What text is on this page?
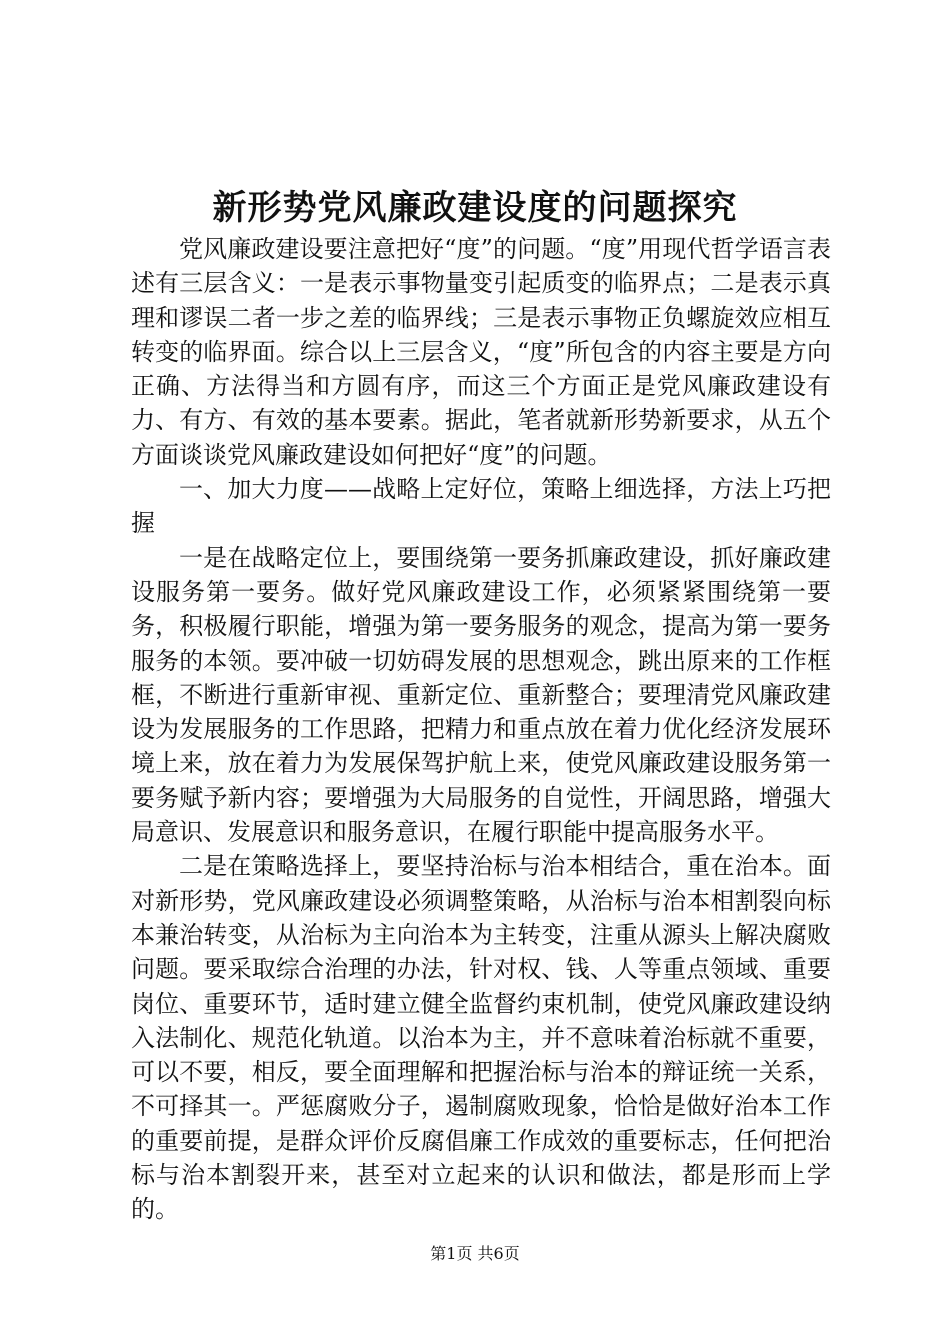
新形势党风廉政建设度的问题探究

党风廉政建设要注意把好“度”的问题。“度”用现代哲学语言表述有三层含义：一是表示事物量变引起质变的临界点；二是表示真理和谬误二者一步之差的临界线；三是表示事物正负螺旋效应相互转变的临界面。综合以上三层含义，“度”所包含的内容主要是方向正确、方法得当和方圆有序，而这三个方面正是党风廉政建设有力、有方、有效的基本要素。据此，笔者就新形势新要求，从五个方面谈谈党风廉政建设如何把好“度”的问题。

一、加大力度——战略上定好位，策略上细选择，方法上巧把握

一是在战略定位上，要围绕第一要务抓廉政建设，抓好廉政建设服务第一要务。做好党风廉政建设工作，必须紧紧围绕第一要务，积极履行职能，增强为第一要务服务的观念，提高为第一要务服务的本领。要冲破一切妨碍发展的思想观念，跳出原来的工作框框，不断进行重新审视、重新定位、重新整合；要理清党风廉政建设为发展服务的工作思路，把精力和重点放在着力优化经济发展环境上来，放在着力为发展保驾护航上来，使党风廉政建设服务第一要务赋予新内容；要增强为大局服务的自觉性，开阔思路，增强大局意识、发展意识和服务意识，在履行职能中提高服务水平。

二是在策略选择上，要坚持治标与治本相结合，重在治本。面对新形势，党风廉政建设必须调整策略，从治标与治本相割裂向标本兼治转变，从治标为主向治本为主转变，注重从源头上解决腐败问题。要采取综合治理的办法，针对权、钱、人等重点领域、重要岗位、重要环节，适时建立健全监督约束机制，使党风廉政建设纳入法制化、规范化轨道。以治本为主，并不意味着治标就不重要，可以不要，相反，要全面理解和把握治标与治本的辩证统一关系，不可择其一。严惩腐败分子，遏制腐败现象，恰恰是做好治本工作的重要前提，是群众评价反腐倡廉工作成效的重要标志，任何把治标与治本割裂开来，甚至对立起来的认识和做法，都是形而上学的。

第1页 共6页
